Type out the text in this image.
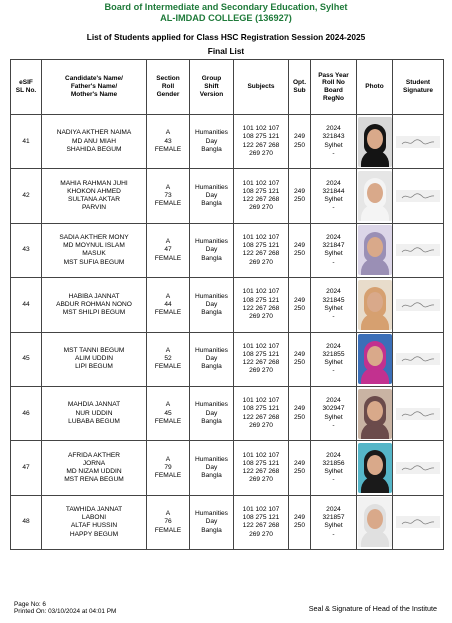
Board of Intermediate and Secondary Education, Sylhet
AL-IMDAD COLLEGE (136927)
List of Students applied for Class HSC Registration Session 2024-2025
Final List
eSIF
SL No.	Candidate's Name/
Father's Name/
Mother's Name	Section
Roll
Gender	Group
Shift
Version	Subjects	Opt.
Sub	Pass Year
Roll No
Board
RegNo	Photo	Student
Signature
41	NADIYA AKTHER NAIMA
MD ANU MIAH
SHAHIDA BEGUM	A
43
FEMALE	Humanities
Day
Bangla	101 102 107
108 275 121
122 267 268
269 270	249
250	2024
321843
Sylhet
-	

42	MAHIA RAHMAN JUHI
KHOKON AHMED
SULTANA AKTAR
PARVIN	A
73
FEMALE	Humanities
Day
Bangla	101 102 107
108 275 121
122 267 268
269 270	249
250	2024
321844
Sylhet
-	

43	SADIA AKTHER MONY
MD MOYNUL ISLAM
MASUK
MST SUFIA BEGUM	A
47
FEMALE	Humanities
Day
Bangla	101 102 107
108 275 121
122 267 268
269 270	249
250	2024
321847
Sylhet
-	

44	HABIBA JANNAT
ABDUR ROHMAN NONO
MST SHILPI BEGUM	A
44
FEMALE	Humanities
Day
Bangla	101 102 107
108 275 121
122 267 268
269 270	249
250	2024
321845
Sylhet
-	

45	MST TANNI BEGUM
ALIM UDDIN
LIPI BEGUM	A
52
FEMALE	Humanities
Day
Bangla	101 102 107
108 275 121
122 267 268
269 270	249
250	2024
321855
Sylhet
-	

46	MAHDIA JANNAT
NUR UDDIN
LUBABA BEGUM	A
45
FEMALE	Humanities
Day
Bangla	101 102 107
108 275 121
122 267 268
269 270	249
250	2024
302947
Sylhet
-	

47	AFRIDA AKTHER
JORNA
MD NIZAM UDDIN
MST RENA BEGUM	A
79
FEMALE	Humanities
Day
Bangla	101 102 107
108 275 121
122 267 268
269 270	249
250	2024
321856
Sylhet
-	

48	TAWHIDA JANNAT
LABONI
ALTAF HUSSIN
HAPPY BEGUM	A
76
FEMALE	Humanities
Day
Bangla	101 102 107
108 275 121
122 267 268
269 270	249
250	2024
321857
Sylhet
-	

Page No: 6
Printed On: 03/10/2024 at 04:01 PM	Seal & Signature of Head of the Institute
